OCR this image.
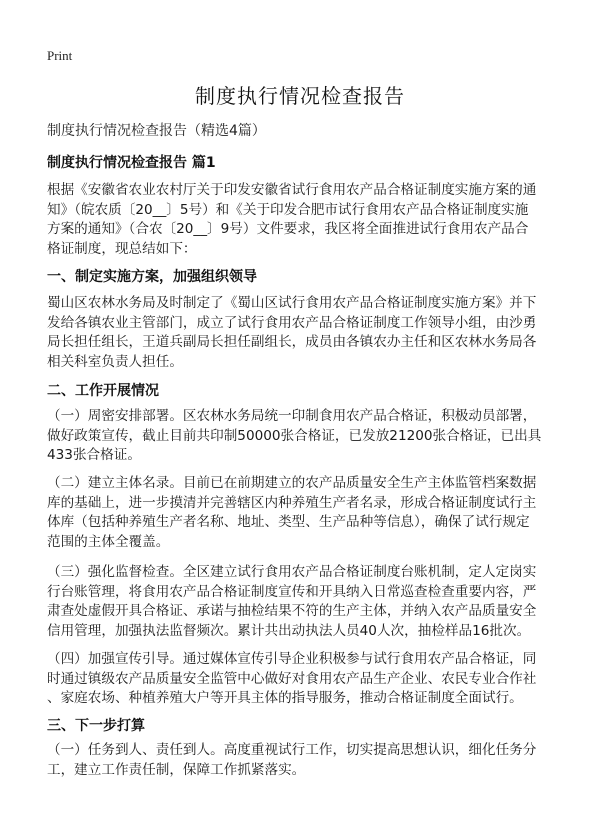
Print
制度执行情况检查报告
制度执行情况检查报告（精选4篇）
制度执行情况检查报告 篇1
根据《安徽省农业农村厅关于印发安徽省试行食用农产品合格证制度实施方案的通
知》（皖农质〔20__〕5号）和《关于印发合肥市试行食用农产品合格证制度实施
方案的通知》（合农〔20__〕9号）文件要求，我区将全面推进试行食用农产品合
格证制度，现总结如下：
一、制定实施方案，加强组织领导
蜀山区农林水务局及时制定了《蜀山区试行食用农产品合格证制度实施方案》并下
发给各镇农业主管部门，成立了试行食用农产品合格证制度工作领导小组，由沙勇
局长担任组长，王道兵副局长担任副组长，成员由各镇农办主任和区农林水务局各
相关科室负责人担任。
二、工作开展情况
（一）周密安排部署。区农林水务局统一印制食用农产品合格证，积极动员部署，
做好政策宣传，截止目前共印制50000张合格证，已发放21200张合格证，已出具
433张合格证。
（二）建立主体名录。目前已在前期建立的农产品质量安全生产主体监管档案数据
库的基础上，进一步摸清并完善辖区内种养殖生产者名录，形成合格证制度试行主
体库（包括种养殖生产者名称、地址、类型、生产品种等信息），确保了试行规定
范围的主体全覆盖。
（三）强化监督检查。全区建立试行食用农产品合格证制度台账机制，定人定岗实
行台账管理，将食用农产品合格证制度宣传和开具纳入日常巡查检查重要内容，严
肃查处虚假开具合格证、承诺与抽检结果不符的生产主体，并纳入农产品质量安全
信用管理，加强执法监督频次。累计共出动执法人员40人次，抽检样品16批次。
（四）加强宣传引导。通过媒体宣传引导企业积极参与试行食用农产品合格证，同
时通过镇级农产品质量安全监管中心做好对食用农产品生产企业、农民专业合作社
、家庭农场、种植养殖大户等开具主体的指导服务，推动合格证制度全面试行。
三、下一步打算
（一）任务到人、责任到人。高度重视试行工作，切实提高思想认识，细化任务分
工，建立工作责任制，保障工作抓紧落实。
